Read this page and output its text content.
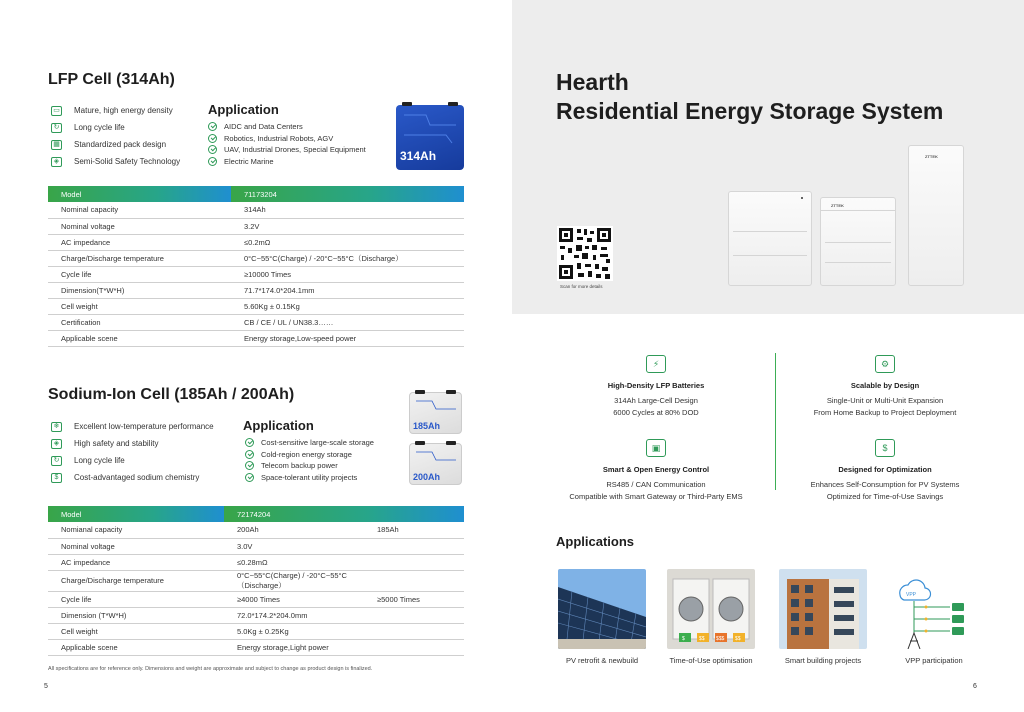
LFP Cell (314Ah)
▭ Mature, high energy density
↻	Long cycle life
▦ Standardized pack design
◈	Semi-Solid Safety Technology
Application
AIDC and Data Centers
Robotics, Industrial Robots, AGV
UAV, Industrial Drones, Special Equipment
Electric Marine	314Ah
Model	71173204
Nominal capacity	314Ah
Nominal voltage	3.2V
AC impedance	≤0.2mΩ
Charge/Discharge temperature	0°C~55°C(Charge) / -20°C~55°C（Discharge）
Cycle life	≥10000 Times
Dimension(T*W*H)	71.7*174.0*204.1mm
Cell weight	5.60Kg ± 0.15Kg
Certification	CB / CE / UL / UN38.3……
Applicable scene	Energy storage,Low-speed power
Sodium-Ion Cell (185Ah / 200Ah)
❄	Excellent low-temperature performance
◈	High safety and stability
↻	Long cycle life
$	Cost-advantaged sodium chemistry
Application
Cost-sensitive large-scale storage
Cold-region energy storage
Telecom backup power
Space-tolerant utility projects
185Ah
200Ah
Model	72174204	
Nomianal capacity	200Ah	185Ah
Nominal voltage	3.0V	
AC impedance	≤0.28mΩ	
Charge/Discharge temperature	0°C~55°C(Charge) / -20°C~55°C（Discharge）	
Cycle life	≥4000 Times	≥5000 Times
Dimension (T*W*H)	72.0*174.2*204.0mm	
Cell weight	5.0Kg ± 0.25Kg	
Applicable scene	Energy storage,Light power	
All specifications are for reference only. Dimensions and weight are approximate and subject to change as product design is finalized.
5
Hearth
Residential Energy Storage System
Scan for more details
ZTTEK
ZTTEK
⚡
High-Density LFP Batteries
314Ah Large-Cell Design
6000 Cycles at 80% DOD
⚙
Scalable by Design
Single-Unit or Multi-Unit Expansion
From Home Backup to Project Deployment
▣
Smart & Open Energy Control
RS485 / CAN Communication
Compatible with Smart Gateway or Third-Party EMS
$
Designed for Optimization
Enhances Self-Consumption for PV Systems
Optimized for Time-of-Use Savings
Applications
PV retrofit & newbuild
$	$$ $$$ $$
Time-of-Use optimisation	Smart building projects
VPP
VPP participation
6
